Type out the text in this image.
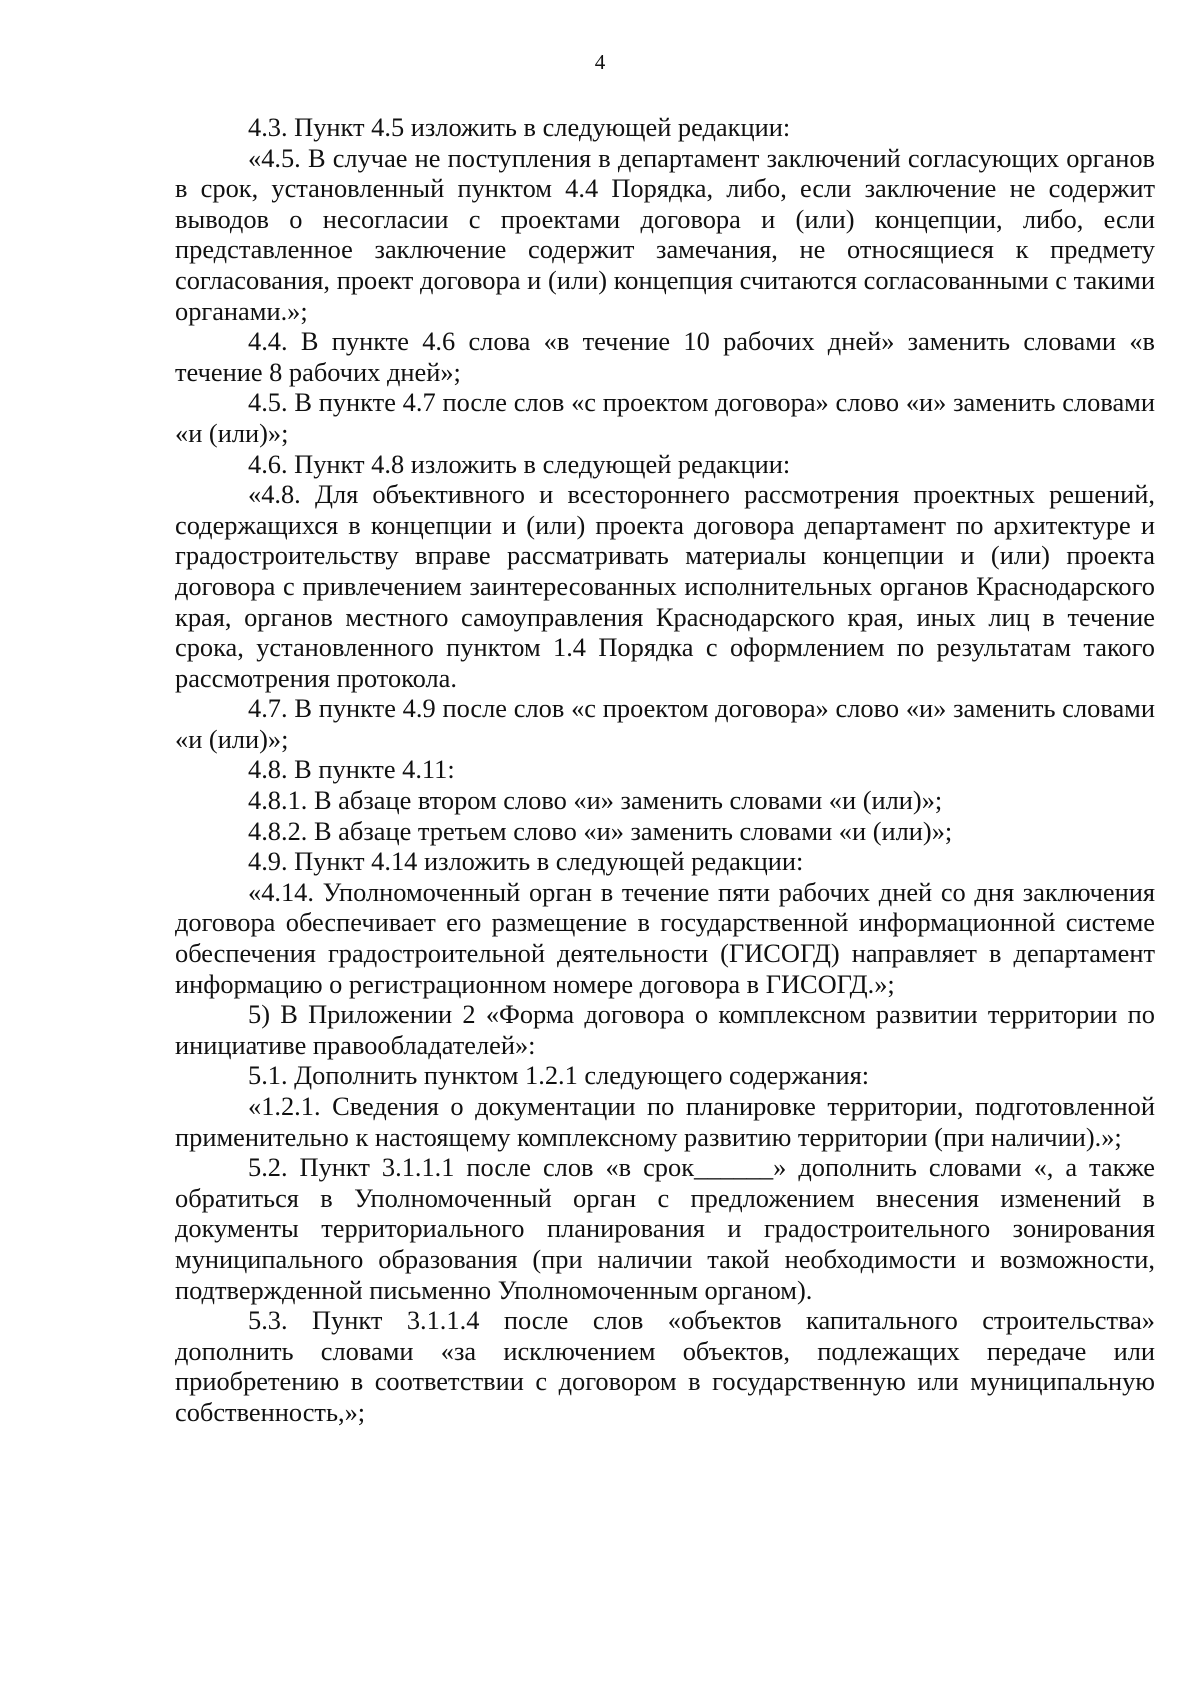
4

4.3. Пункт 4.5 изложить в следующей редакции:

«4.5. В случае не поступления в департамент заключений согласующих органов в срок, установленный пунктом 4.4 Порядка, либо, если заключение не содержит выводов о несогласии с проектами договора и (или) концепции, либо, если представленное заключение содержит замечания, не относящиеся к предмету согласования, проект договора и (или) концепция считаются согласованными с такими органами.»;

4.4. В пункте 4.6 слова «в течение 10 рабочих дней» заменить словами «в течение 8 рабочих дней»;

4.5. В пункте 4.7 после слов «с проектом договора» слово «и» заменить словами «и (или)»;

4.6. Пункт 4.8 изложить в следующей редакции:

«4.8. Для объективного и всестороннего рассмотрения проектных решений, содержащихся в концепции и (или) проекта договора департамент по архитектуре и градостроительству вправе рассматривать материалы концепции и (или) проекта договора с привлечением заинтересованных исполнительных органов Краснодарского края, органов местного самоуправления Краснодарского края, иных лиц в течение срока, установленного пунктом 1.4 Порядка с оформлением по результатам такого рассмотрения протокола.

4.7. В пункте 4.9 после слов «с проектом договора» слово «и» заменить словами «и (или)»;

4.8. В пункте 4.11:

4.8.1. В абзаце втором слово «и» заменить словами «и (или)»;

4.8.2. В абзаце третьем слово «и» заменить словами «и (или)»;

4.9. Пункт 4.14 изложить в следующей редакции:

«4.14. Уполномоченный орган в течение пяти рабочих дней со дня заключения договора обеспечивает его размещение в государственной информационной системе обеспечения градостроительной деятельности (ГИСОГД) направляет в департамент информацию о регистрационном номере договора в ГИСОГД.»;

5) В Приложении 2 «Форма договора о комплексном развитии территории по инициативе правообладателей»:

5.1. Дополнить пунктом 1.2.1 следующего содержания:

«1.2.1. Сведения о документации по планировке территории, подготовленной применительно к настоящему комплексному развитию территории (при наличии).»;

5.2. Пункт 3.1.1.1 после слов «в срок______» дополнить словами «, а также обратиться в Уполномоченный орган с предложением внесения изменений в документы территориального планирования и градостроительного зонирования муниципального образования (при наличии такой необходимости и возможности, подтвержденной письменно Уполномоченным органом).

5.3. Пункт 3.1.1.4 после слов «объектов капитального строительства» дополнить словами «за исключением объектов, подлежащих передаче или приобретению в соответствии с договором в государственную или муниципальную собственность,»;
